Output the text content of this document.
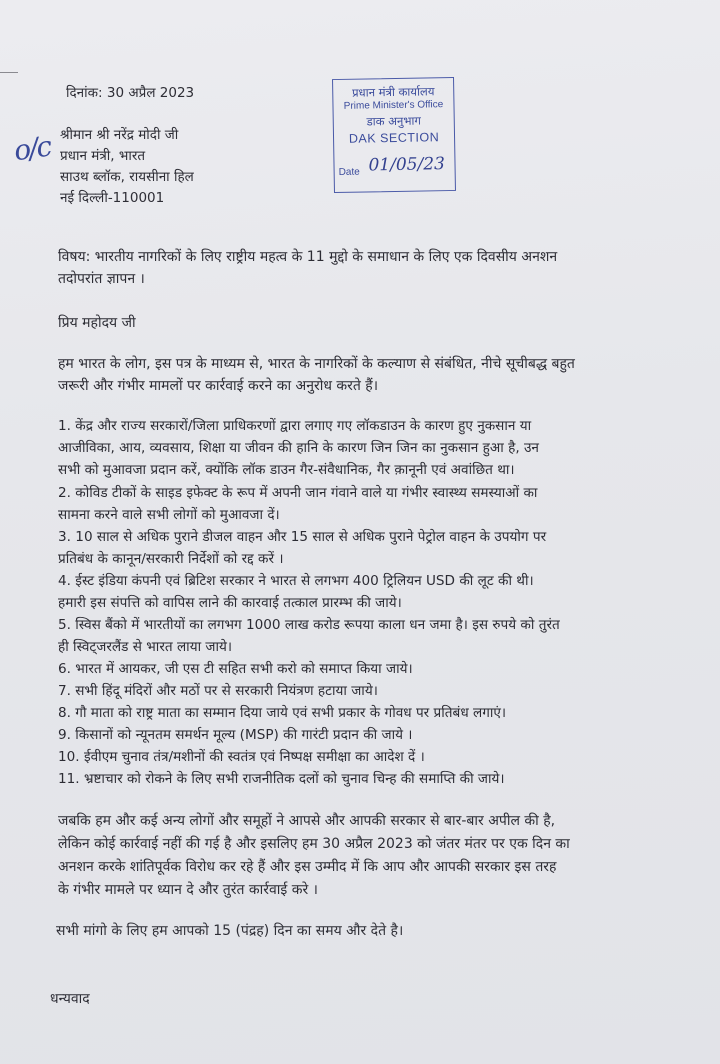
दिनांक: 30 अप्रैल 2023
o/c श्रीमान श्री नरेंद्र मोदी जी
प्रधान मंत्री, भारत
साउथ ब्लॉक, रायसीना हिल
नई दिल्ली-110001
प्रधान मंत्री कार्यालय
Prime Minister's Office
डाक अनुभाग
DAK SECTION
Date 01/05/23
विषय: भारतीय नागरिकों के लिए राष्ट्रीय महत्व के 11 मुद्दो के समाधान के लिए एक दिवसीय अनशन
तदोपरांत ज्ञापन ।
प्रिय महोदय जी
हम भारत के लोग, इस पत्र के माध्यम से, भारत के नागरिकों के कल्याण से संबंधित, नीचे सूचीबद्ध बहुत
जरूरी और गंभीर मामलों पर कार्रवाई करने का अनुरोध करते हैं।
1. केंद्र और राज्य सरकारों/जिला प्राधिकरणों द्वारा लगाए गए लॉकडाउन के कारण हुए नुकसान या
आजीविका, आय, व्यवसाय, शिक्षा या जीवन की हानि के कारण जिन जिन का नुकसान हुआ है, उन
सभी को मुआवजा प्रदान करें, क्योंकि लॉक डाउन गैर-संवैधानिक, गैर क़ानूनी एवं अवांछित था।
2. कोविड टीकों के साइड इफेक्ट के रूप में अपनी जान गंवाने वाले या गंभीर स्वास्थ्य समस्याओं का
सामना करने वाले सभी लोगों को मुआवजा दें।
3. 10 साल से अधिक पुराने डीजल वाहन और 15 साल से अधिक पुराने पेट्रोल वाहन के उपयोग पर
प्रतिबंध के कानून/सरकारी निर्देशों को रद्द करें ।
4. ईस्ट इंडिया कंपनी एवं ब्रिटिश सरकार ने भारत से लगभग 400 ट्रिलियन USD की लूट की थी।
हमारी इस संपत्ति को वापिस लाने की कारवाई तत्काल प्रारम्भ की जाये।
5. स्विस बैंको में भारतीयों का लगभग 1000 लाख करोड रूपया काला धन जमा है। इस रुपये को तुरंत
ही स्विट्जरलैंड से भारत लाया जाये।
6. भारत में आयकर, जी एस टी सहित सभी करो को समाप्त किया जाये।
7. सभी हिंदू मंदिरों और मठों पर से सरकारी नियंत्रण हटाया जाये।
8. गौ माता को राष्ट्र माता का सम्मान दिया जाये एवं सभी प्रकार के गोवध पर प्रतिबंध लगाएं।
9. किसानों को न्यूनतम समर्थन मूल्य (MSP) की गारंटी प्रदान की जाये ।
10. ईवीएम चुनाव तंत्र/मशीनों की स्वतंत्र एवं निष्पक्ष समीक्षा का आदेश दें ।
11. भ्रष्टाचार को रोकने के लिए सभी राजनीतिक दलों को चुनाव चिन्ह की समाप्ति की जाये।
जबकि हम और कई अन्य लोगों और समूहों ने आपसे और आपकी सरकार से बार-बार अपील की है,
लेकिन कोई कार्रवाई नहीं की गई है और इसलिए हम 30 अप्रैल 2023 को जंतर मंतर पर एक दिन का
अनशन करके शांतिपूर्वक विरोध कर रहे हैं और इस उम्मीद में कि आप और आपकी सरकार इस तरह
के गंभीर मामले पर ध्यान दे और तुरंत कार्रवाई करे ।
सभी मांगो के लिए हम आपको 15 (पंद्रह) दिन का समय और देते है।
धन्यवाद
